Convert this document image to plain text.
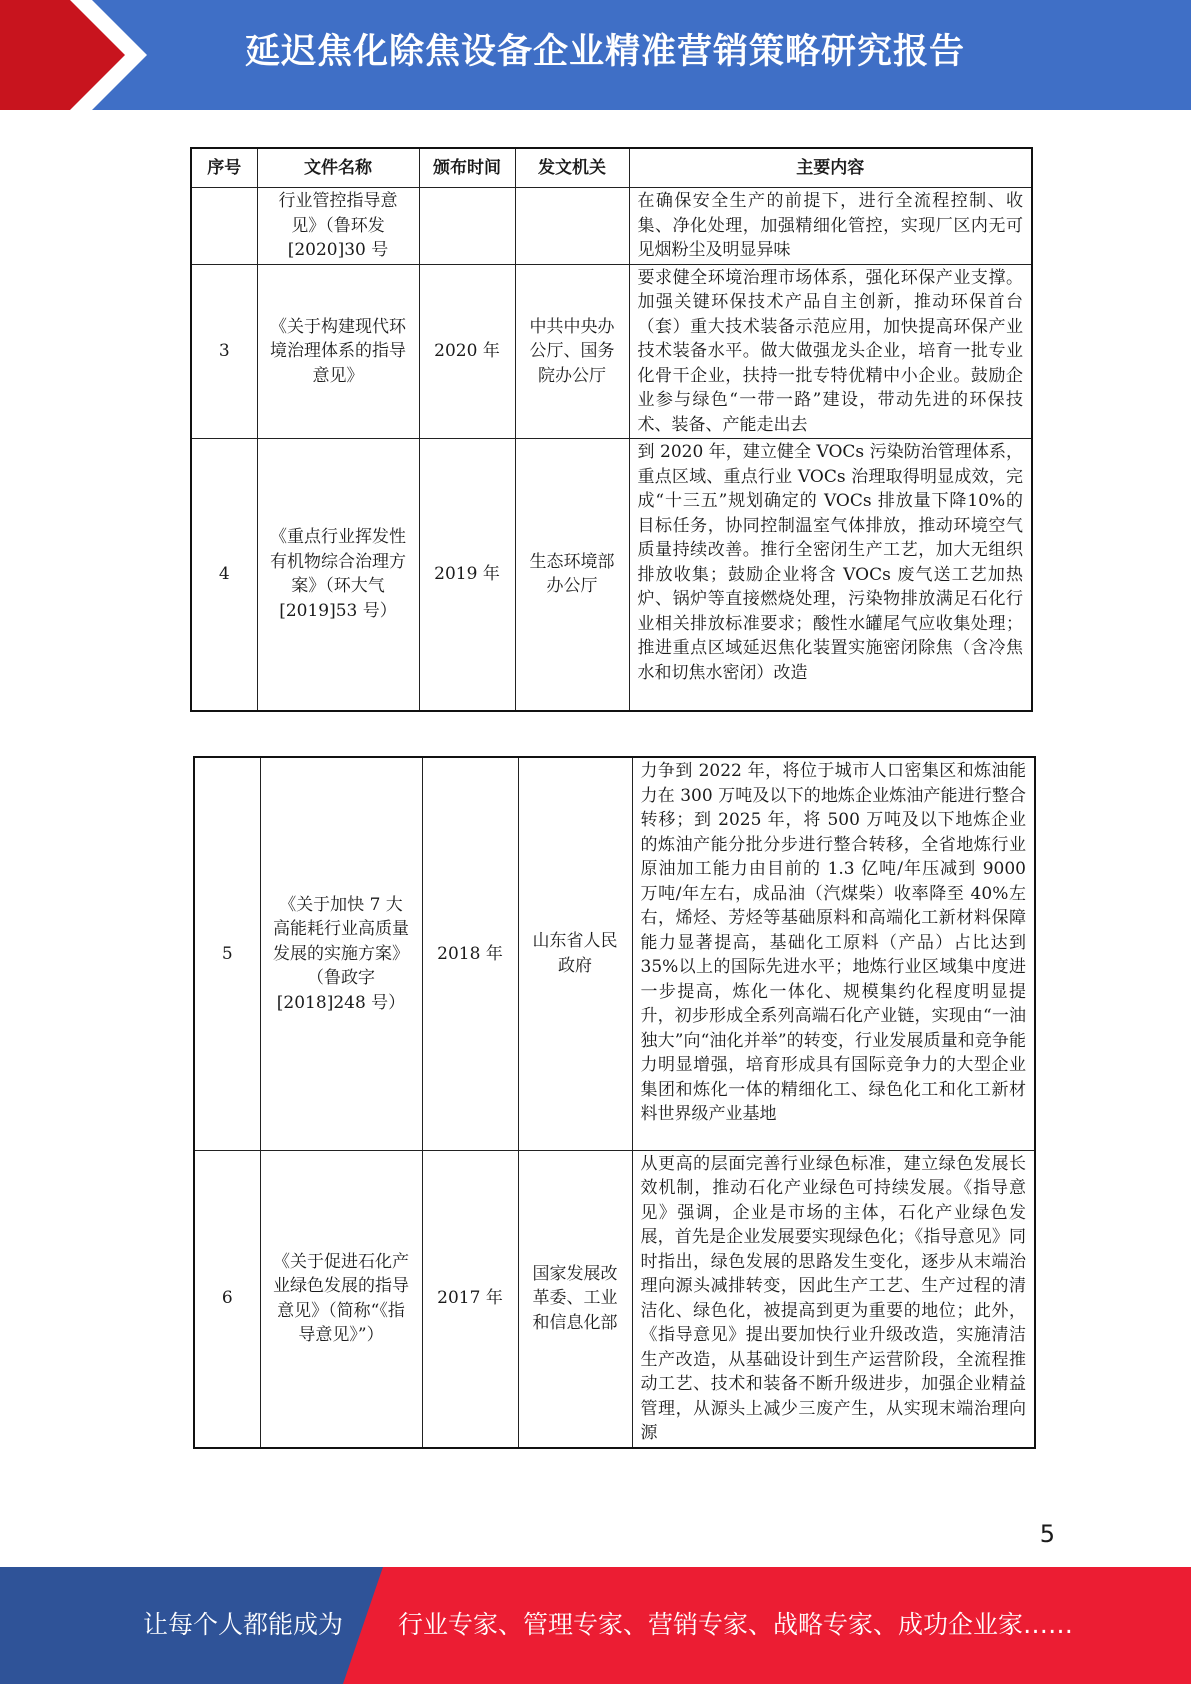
延迟焦化除焦设备企业精准营销策略研究报告
序号	文件名称	颁布时间	发文机关	主要内容
	行业管控指导意见》（鲁环发[2020]30 号			在确保安全生产的前提下，进行全流程控制、收集、净化处理，加强精细化管控，实现厂区内无可见烟粉尘及明显异味
3	《关于构建现代环境治理体系的指导意见》	2020 年	中共中央办公厅、国务院办公厅	要求健全环境治理市场体系，强化环保产业支撑。加强关键环保技术产品自主创新，推动环保首台（套）重大技术装备示范应用，加快提高环保产业技术装备水平。做大做强龙头企业，培育一批专业化骨干企业，扶持一批专特优精中小企业。鼓励企业参与绿色“一带一路”建设，带动先进的环保技术、装备、产能走出去
4	《重点行业挥发性有机物综合治理方案》（环大气[2019]53 号）	2019 年	生态环境部办公厅	到 2020 年，建立健全 VOCs 污染防治管理体系，重点区域、重点行业 VOCs 治理取得明显成效，完成“十三五”规划确定的 VOCs 排放量下降10%的目标任务，协同控制温室气体排放，推动环境空气质量持续改善。推行全密闭生产工艺，加大无组织排放收集；鼓励企业将含 VOCs 废气送工艺加热炉、锅炉等直接燃烧处理，污染物排放满足石化行业相关排放标准要求；酸性水罐尾气应收集处理；推进重点区域延迟焦化装置实施密闭除焦（含冷焦水和切焦水密闭）改造
5	《关于加快 7 大高能耗行业高质量发展的实施方案》（鲁政字[2018]248 号）	2018 年	山东省人民政府	力争到 2022 年，将位于城市人口密集区和炼油能力在 300 万吨及以下的地炼企业炼油产能进行整合转移；到 2025 年，将 500 万吨及以下地炼企业的炼油产能分批分步进行整合转移，全省地炼行业原油加工能力由目前的 1.3 亿吨/年压减到 9000 万吨/年左右，成品油（汽煤柴）收率降至 40%左右，烯烃、芳烃等基础原料和高端化工新材料保障能力显著提高，基础化工原料（产品）占比达到 35%以上的国际先进水平；地炼行业区域集中度进一步提高，炼化一体化、规模集约化程度明显提升，初步形成全系列高端石化产业链，实现由“一油独大”向“油化并举”的转变，行业发展质量和竞争能力明显增强，培育形成具有国际竞争力的大型企业集团和炼化一体的精细化工、绿色化工和化工新材料世界级产业基地
6	《关于促进石化产业绿色发展的指导意见》（简称“《指导意见》”）	2017 年	国家发展改革委、工业和信息化部	从更高的层面完善行业绿色标准，建立绿色发展长效机制，推动石化产业绿色可持续发展。《指导意见》强调，企业是市场的主体，石化产业绿色发展，首先是企业发展要实现绿色化；《指导意见》同时指出，绿色发展的思路发生变化，逐步从末端治理向源头减排转变，因此生产工艺、生产过程的清洁化、绿色化，被提高到更为重要的地位；此外，《指导意见》提出要加快行业升级改造，实施清洁生产改造，从基础设计到生产运营阶段，全流程推动工艺、技术和装备不断升级进步，加强企业精益管理，从源头上减少三废产生，从实现末端治理向源
5
让每个人都能成为 行业专家、管理专家、营销专家、战略专家、成功企业家……
